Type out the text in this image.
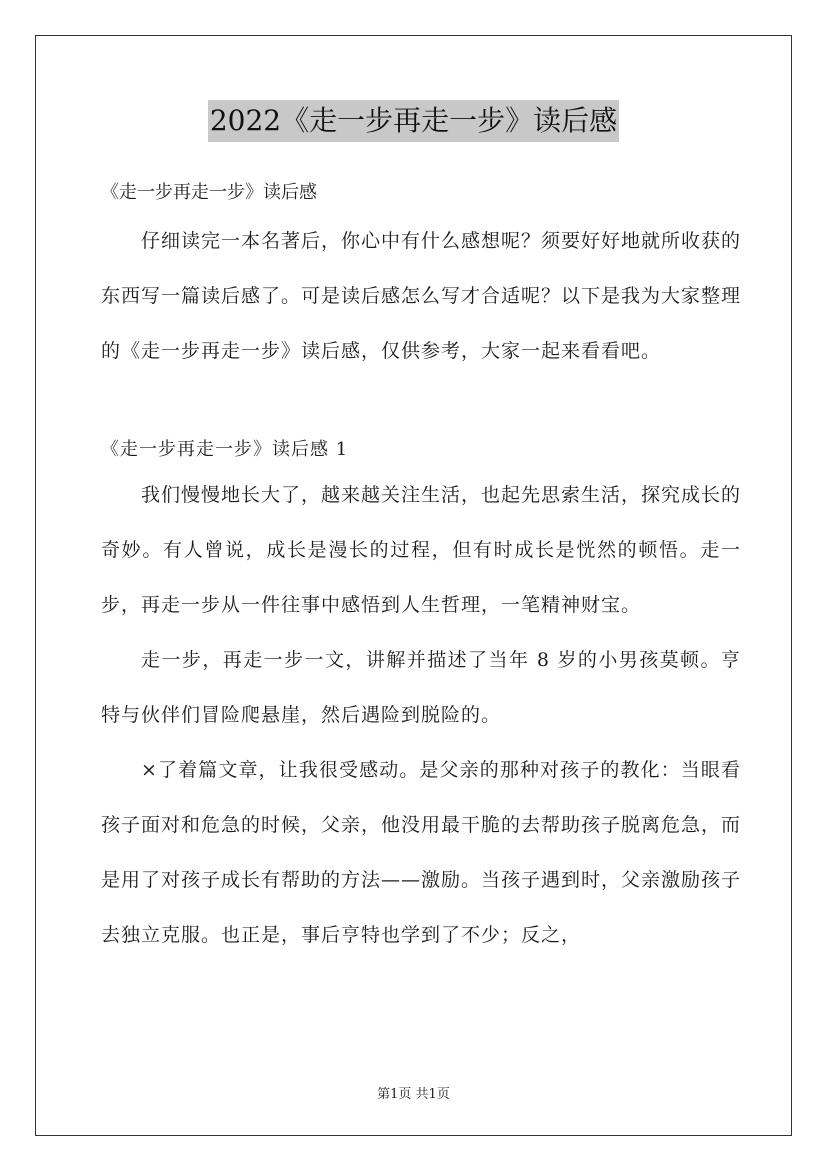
2022《走一步再走一步》读后感

《走一步再走一步》读后感

仔细读完一本名著后，你心中有什么感想呢？须要好好地就所收获的东西写一篇读后感了。可是读后感怎么写才合适呢？以下是我为大家整理的《走一步再走一步》读后感，仅供参考，大家一起来看看吧。

《走一步再走一步》读后感 1

我们慢慢地长大了，越来越关注生活，也起先思索生活，探究成长的奇妙。有人曾说，成长是漫长的过程，但有时成长是恍然的顿悟。走一步，再走一步从一件往事中感悟到人生哲理，一笔精神财宝。

走一步，再走一步一文，讲解并描述了当年 8 岁的小男孩莫顿。亨特与伙伴们冒险爬悬崖，然后遇险到脱险的。

×了着篇文章，让我很受感动。是父亲的那种对孩子的教化：当眼看孩子面对和危急的时候，父亲，他没用最干脆的去帮助孩子脱离危急，而是用了对孩子成长有帮助的方法——激励。当孩子遇到时，父亲激励孩子去独立克服。也正是，事后亨特也学到了不少；反之，

第1页 共1页
